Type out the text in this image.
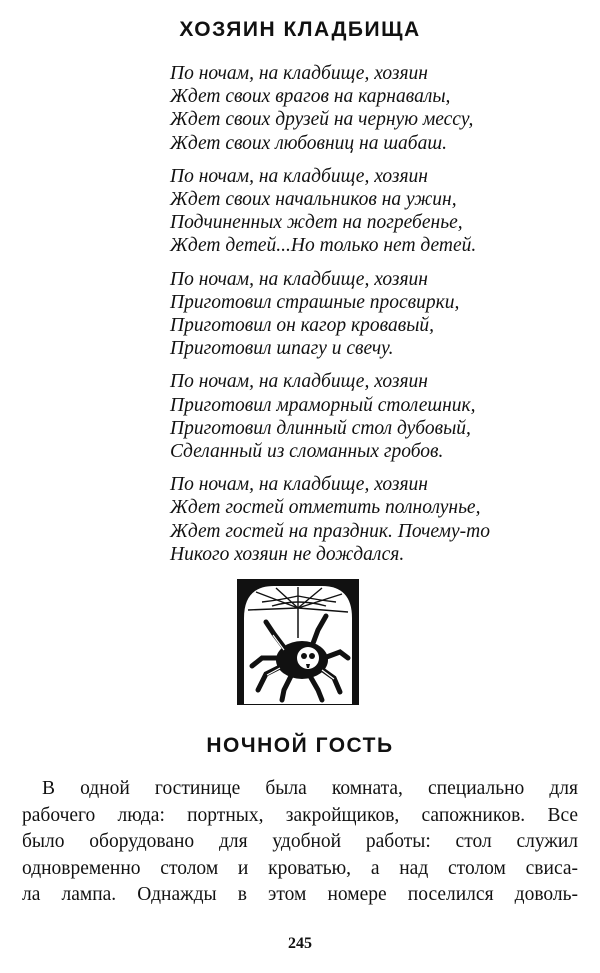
ХОЗЯИН КЛАДБИЩА
По ночам, на кладбище, хозяин
Ждет своих врагов на карнавалы,
Ждет своих друзей на черную мессу,
Ждет своих любовниц на шабаш.
По ночам, на кладбище, хозяин
Ждет своих начальников на ужин,
Подчиненных ждет на погребенье,
Ждет детей...Но только нет детей.
По ночам, на кладбище, хозяин
Приготовил страшные просвирки,
Приготовил он кагор кровавый,
Приготовил шпагу и свечу.
По ночам, на кладбище, хозяин
Приготовил мраморный столешник,
Приготовил длинный стол дубовый,
Сделанный из сломанных гробов.
По ночам, на кладбище, хозяин
Ждет гостей отметить полнолунье,
Ждет гостей на праздник. Почему-то
Никого хозяин не дождался.
НОЧНОЙ ГОСТЬ
В одной гостинице была комната, специально для
рабочего люда: портных, закройщиков, сапожников. Все
было оборудовано для удобной работы: стол служил
одновременно столом и кроватью, а над столом свиса-
ла лампа. Однажды в этом номере поселился доволь-
245
